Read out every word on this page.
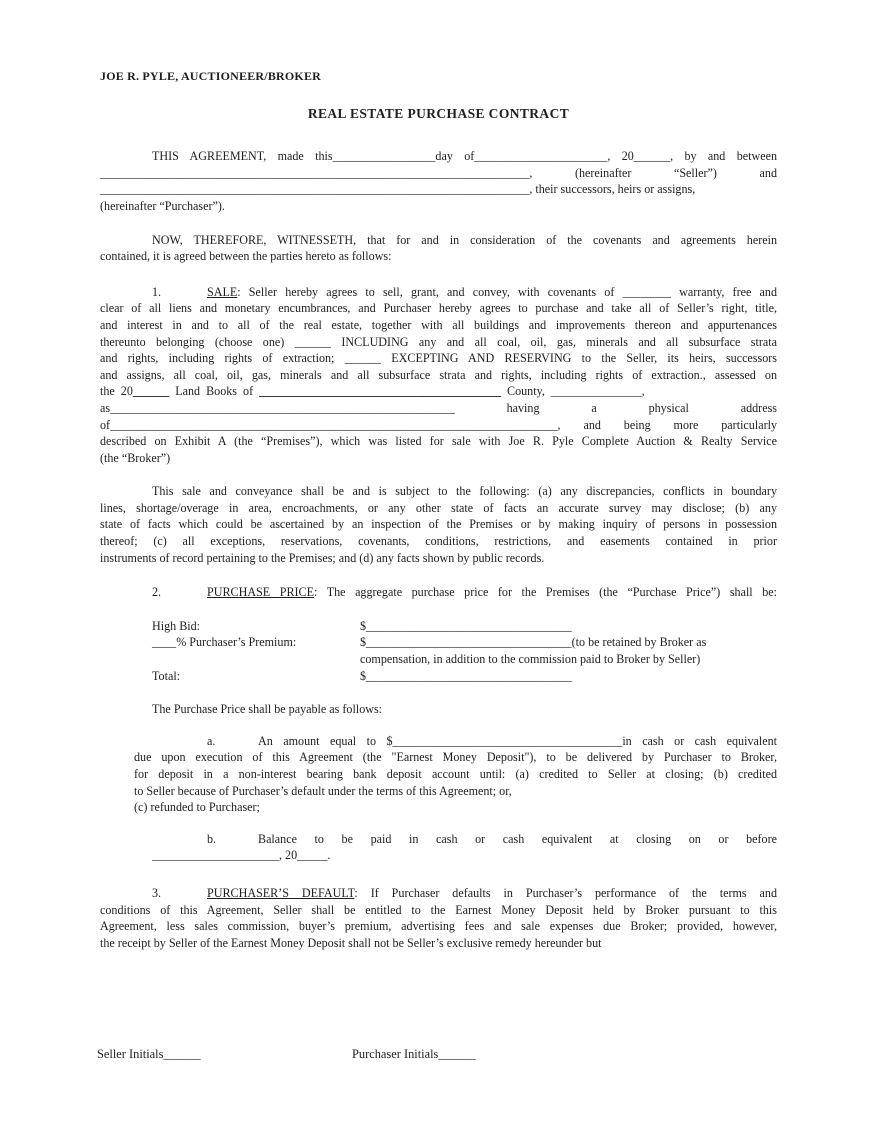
JOE R. PYLE, AUCTIONEER/BROKER
REAL ESTATE PURCHASE CONTRACT
THIS AGREEMENT, made this_________________day of______________________, 20______, by and between
_______________________________________________________________________, (hereinafter “Seller”) and
_______________________________________________________________________, their successors, heirs or assigns,
(hereinafter “Purchaser”).
NOW, THEREFORE, WITNESSETH, that for and in consideration of the covenants and agreements herein
contained, it is agreed between the parties hereto as follows:
1.	SALE: Seller hereby agrees to sell, grant, and convey, with covenants of ________ warranty, free and
clear of all liens and monetary encumbrances, and Purchaser hereby agrees to purchase and take all of Seller’s right, title,
and interest in and to all of the real estate, together with all buildings and improvements thereon and appurtenances
thereunto belonging (choose one) ______ INCLUDING any and all coal, oil, gas, minerals and all subsurface strata
and rights, including rights of extraction; ______ EXCEPTING AND RESERVING to the Seller, its heirs, successors
and assigns, all coal, oil, gas, minerals and all subsurface strata and rights, including rights of extraction., assessed on
the 20______ Land Books of ________________________________________ County, _______________,
as_________________________________________________________ having a physical address
of__________________________________________________________________________, and being more particularly
described on Exhibit A (the “Premises”), which was listed for sale with Joe R. Pyle Complete Auction & Realty Service
(the “Broker”)
This sale and conveyance shall be and is subject to the following: (a) any discrepancies, conflicts in boundary
lines, shortage/overage in area, encroachments, or any other state of facts an accurate survey may disclose; (b) any
state of facts which could be ascertained by an inspection of the Premises or by making inquiry of persons in possession
thereof; (c) all exceptions, reservations, covenants, conditions, restrictions, and easements contained in prior
instruments of record pertaining to the Premises; and (d) any facts shown by public records.
2.	PURCHASE PRICE: The aggregate purchase price for the Premises (the “Purchase Price”) shall be:
High Bid:	$__________________________________
____% Purchaser’s Premium:	$__________________________________(to be retained by Broker as
compensation, in addition to the commission paid to Broker by Seller)
Total:	$__________________________________
The Purchase Price shall be payable as follows:
a.	An amount equal to $______________________________________in cash or cash equivalent
due upon execution of this Agreement (the "Earnest Money Deposit"), to be delivered by Purchaser to Broker,
for deposit in a non-interest bearing bank deposit account until: (a) credited to Seller at closing; (b) credited
to Seller because of Purchaser’s default under the terms of this Agreement; or,
(c) refunded to Purchaser;
b.	Balance to be paid in cash or cash equivalent at closing on or before
_____________________, 20_____.
3.	PURCHASER’S DEFAULT: If Purchaser defaults in Purchaser’s performance of the terms and
conditions of this Agreement, Seller shall be entitled to the Earnest Money Deposit held by Broker pursuant to this
Agreement, less sales commission, buyer’s premium, advertising fees and sale expenses due Broker; provided, however,
the receipt by Seller of the Earnest Money Deposit shall not be Seller’s exclusive remedy hereunder but
Seller Initials______	Purchaser Initials______
